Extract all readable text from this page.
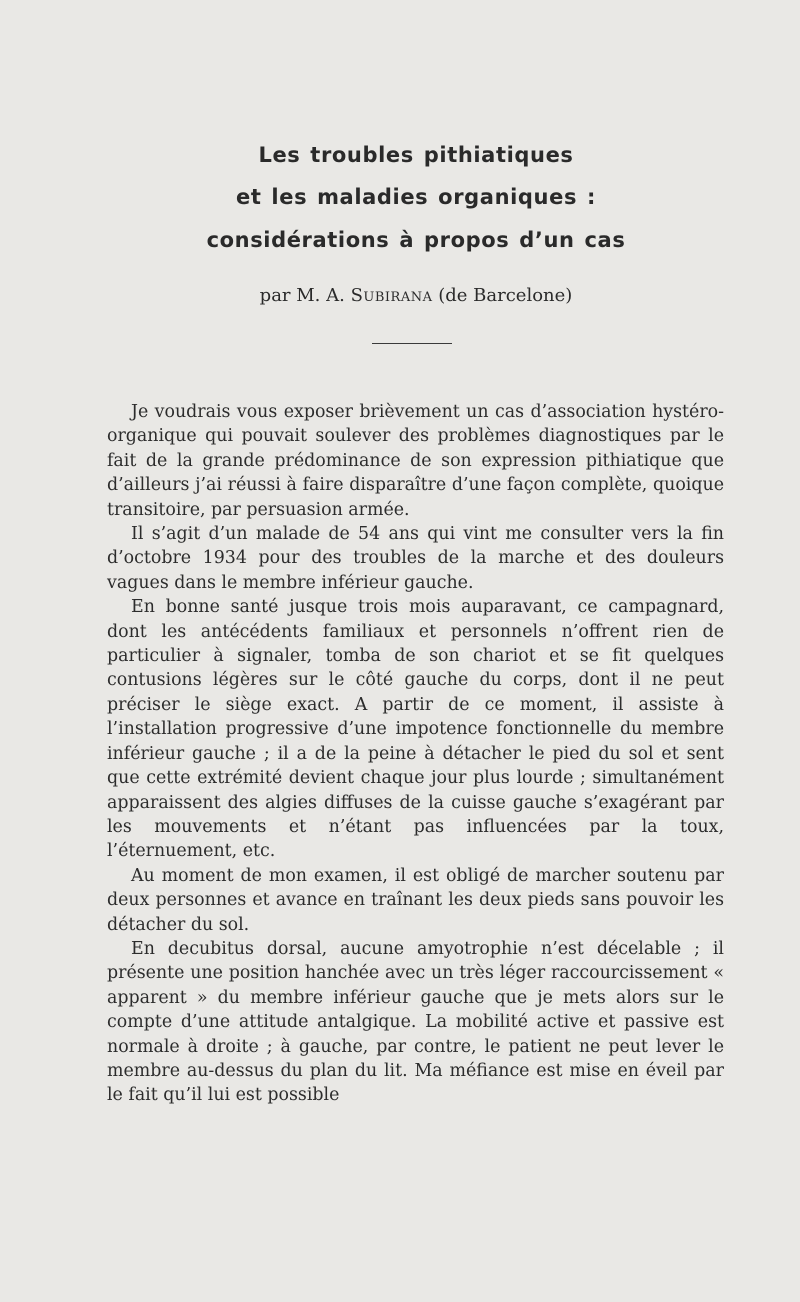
Les troubles pithiatiques
et les maladies organiques :
considérations à propos d’un cas

par M. A. Subirana (de Barcelone)

Je voudrais vous exposer brièvement un cas d’association hystéro-organique qui pouvait soulever des problèmes diagnostiques par le fait de la grande prédominance de son expression pithiatique que d’ailleurs j’ai réussi à faire disparaître d’une façon complète, quoique transitoire, par persuasion armée.

Il s’agit d’un malade de 54 ans qui vint me consulter vers la fin d’octobre 1934 pour des troubles de la marche et des douleurs vagues dans le membre inférieur gauche.

En bonne santé jusque trois mois auparavant, ce campagnard, dont les antécédents familiaux et personnels n’offrent rien de particulier à signaler, tomba de son chariot et se fit quelques contusions légères sur le côté gauche du corps, dont il ne peut préciser le siège exact. A partir de ce moment, il assiste à l’installation progressive d’une impotence fonctionnelle du membre inférieur gauche ; il a de la peine à détacher le pied du sol et sent que cette extrémité devient chaque jour plus lourde ; simultanément apparaissent des algies diffuses de la cuisse gauche s’exagérant par les mouvements et n’étant pas influencées par la toux, l’éternuement, etc.

Au moment de mon examen, il est obligé de marcher soutenu par deux personnes et avance en traînant les deux pieds sans pouvoir les détacher du sol.

En decubitus dorsal, aucune amyotrophie n’est décelable ; il présente une position hanchée avec un très léger raccourcissement « apparent » du membre inférieur gauche que je mets alors sur le compte d’une attitude antalgique. La mobilité active et passive est normale à droite ; à gauche, par contre, le patient ne peut lever le membre au-dessus du plan du lit. Ma méfiance est mise en éveil par le fait qu’il lui est possible
